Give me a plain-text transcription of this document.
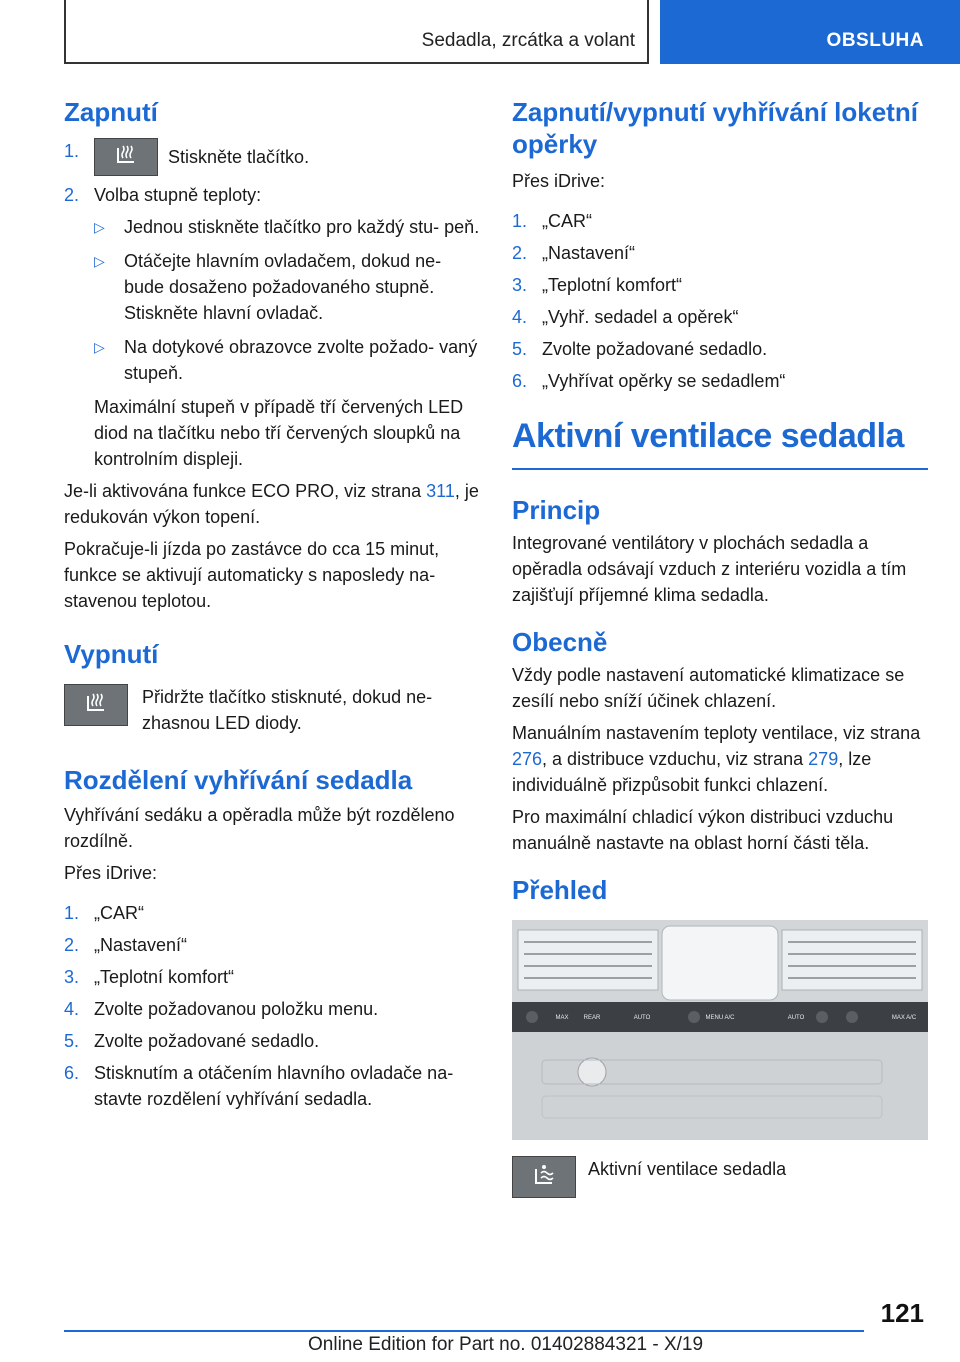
Sedadla, zrcátka a volant	OBSLUHA
Zapnutí
1.	Stiskněte tlačítko.
2. Volba stupně teploty:
▷ Jednou stiskněte tlačítko pro každý stu- peň.
▷ Otáčejte hlavním ovladačem, dokud ne- bude dosaženo požadovaného stupně. Stiskněte hlavní ovladač.
▷ Na dotykové obrazovce zvolte požado- vaný stupeň.
Maximální stupeň v případě tří červených LED diod na tlačítku nebo tří červených sloupků na kontrolním displeji.

Je-li aktivována funkce ECO PRO, viz strana 311, je redukován výkon topení.

Pokračuje-li jízda po zastávce do cca 15 minut, funkce se aktivují automaticky s naposledy na- stavenou teplotou.

Vypnutí
Přidržte tlačítko stisknuté, dokud ne- zhasnou LED diody.
Rozdělení vyhřívání sedadla

Vyhřívání sedáku a opěradla může být rozděleno rozdílně.

Přes iDrive:

1. „CAR“
2. „Nastavení“
3. „Teplotní komfort“
4. Zvolte požadovanou položku menu.
5. Zvolte požadované sedadlo.
6. Stisknutím a otáčením hlavního ovladače na- stavte rozdělení vyhřívání sedadla.
Zapnutí/vypnutí vyhřívání loketní opěrky

Přes iDrive:

1. „CAR“
2. „Nastavení“
3. „Teplotní komfort“
4. „Vyhř. sedadel a opěrek“
5. Zvolte požadované sedadlo.
6. „Vyhřívat opěrky se sedadlem“
Aktivní ventilace sedadla
Princip

Integrované ventilátory v plochách sedadla a opěradla odsávají vzduch z interiéru vozidla a tím zajišťují příjemné klima sedadla.

Obecně

Vždy podle nastavení automatické klimatizace se zesílí nebo sníží účinek chlazení.

Manuálním nastavením teploty ventilace, viz strana 276, a distribuce vzduchu, viz strana 279, lze individuálně přizpůsobit funkci chlazení.

Pro maximální chladicí výkon distribuci vzduchu manuálně nastavte na oblast horní části těla.

Přehled
MAX	REAR	AUTO	MENU A/C	AUTO	MAX A/C
Aktivní ventilace sedadla
121
Online Edition for Part no. 01402884321 - X/19
